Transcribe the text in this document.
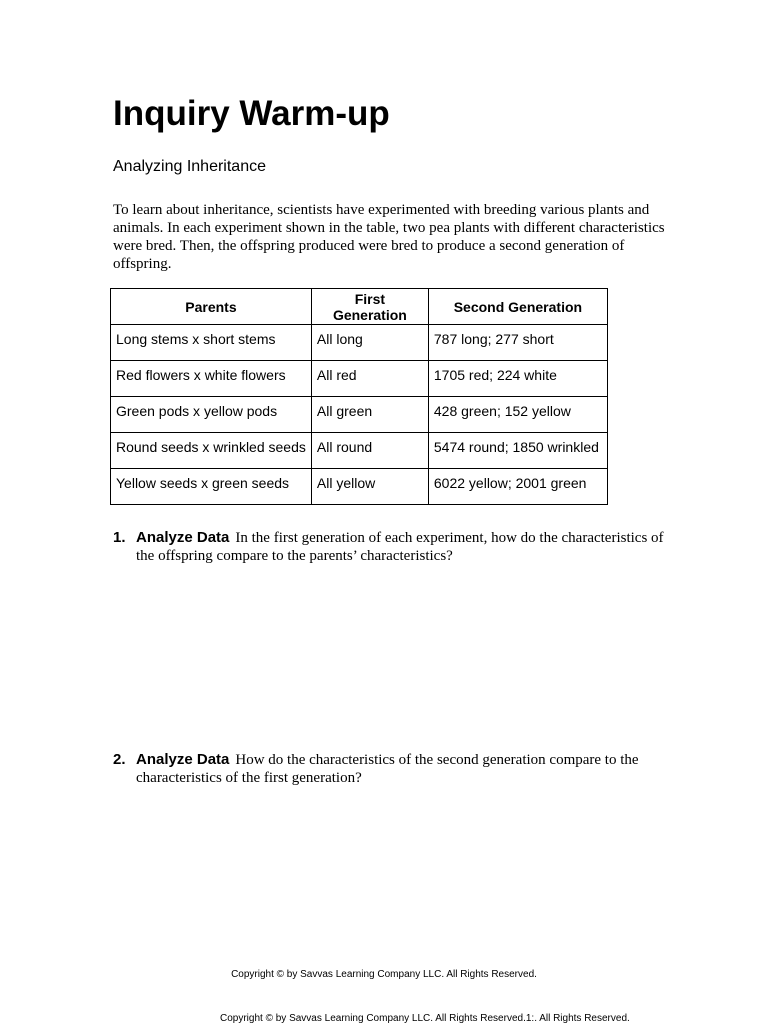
Inquiry Warm-up
Analyzing Inheritance

To learn about inheritance, scientists have experimented with breeding various plants and animals. In each experiment shown in the table, two pea plants with different characteristics were bred. Then, the offspring produced were bred to produce a second generation of offspring.

Parents	First Generation	Second Generation
Long stems x short stems	All long	787 long; 277 short
Red flowers x white flowers	All red	1705 red; 224 white
Green pods x yellow pods	All green	428 green; 152 yellow
Round seeds x wrinkled seeds	All round	5474 round; 1850 wrinkled
Yellow seeds x green seeds	All yellow	6022 yellow; 2001 green
1. Analyze Data In the first generation of each experiment, how do the characteristics of the offspring compare to the parents’ characteristics?
2. Analyze Data How do the characteristics of the second generation compare to the characteristics of the first generation?
Copyright © by Savvas Learning Company LLC. All Rights Reserved.
Copyright © by Savvas Learning Company LLC. All Rights Reserved.1:. All Rights Reserved.
